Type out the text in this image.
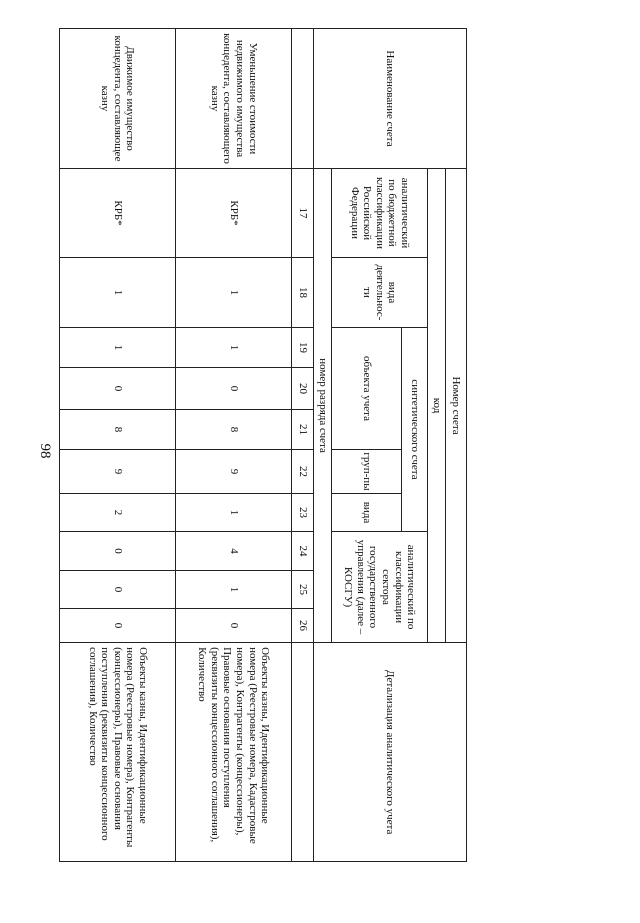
98
Наименование счета	Номер счета										Детализация аналитического учета
	код										
	аналитический по бюджетной классификации Российской Федерации	вида деятельнос-ти	синтетического счета					аналитический по классификации сектора государственного управления (далее – КОСГУ)			
			объекта учета			груп-пы	вида				
	номер разряда счета										
	17	18	19	20	21	22	23	24	25	26	
Уменьшение стоимости недвижимого имущества концедента, составляющего казну	КРБ*	1	1	0	8	9	1	4	1	0	Объекты казны, Идентификационные номера (Реестровые номера, Кадастровые номера), Контрагенты (концессионеры), Правовые основания поступления (реквизиты концессионного соглашения), Количество
Движимое имущество концедента, составляющее казну	КРБ*	1	1	0	8	9	2	0	0	0	Объекты казны, Идентификационные номера (Реестровые номера), Контрагенты (концессионеры), Правовые основания поступления (реквизиты концессионного соглашения), Количество
